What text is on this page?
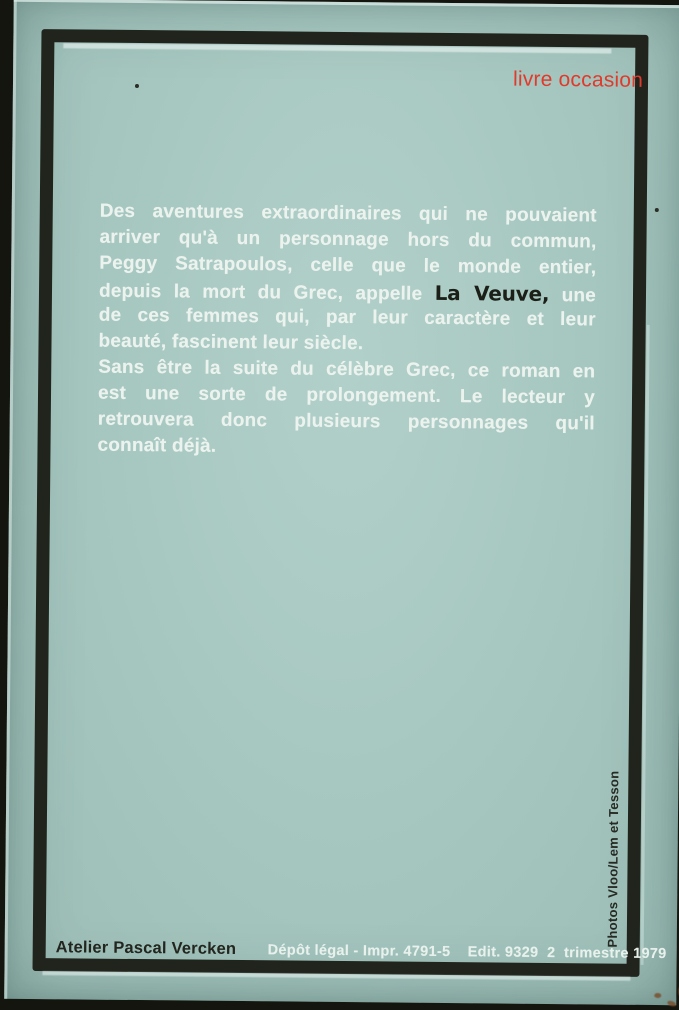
Des aventures extraordinaires qui ne pouvaient
arriver qu'à un personnage hors du commun,
Peggy Satrapoulos, celle que le monde entier,
depuis la mort du Grec, appelle La Veuve, une
de ces femmes qui, par leur caractère et leur
beauté, fascinent leur siècle.
Sans être la suite du célèbre Grec, ce roman en
est une sorte de prolongement. Le lecteur y
retrouvera donc plusieurs personnages qu'il
connaît déjà.
Atelier Pascal Vercken Dépôt légal - Impr. 4791-5    Edit. 9329  2  trimestre 1979
Photos Vloo/Lem et Tesson
livre occasion
